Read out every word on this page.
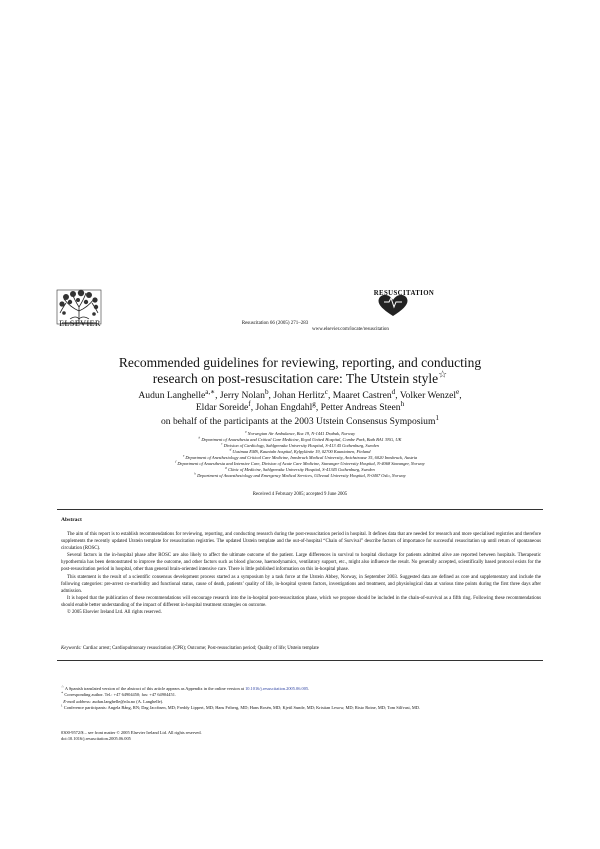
ELSEVIER	Resuscitation 66 (2005) 271–283
RESUSCITATION
www.elsevier.com/locate/resuscitation
Recommended guidelines for reviewing, reporting, and conducting
research on post-resuscitation care: The Utstein style☆
Audun Langhelle$^{a,∗}$, Jerry Nolan$^b$, Johan Herlitz$^c$, Maaret Castren$^d$, Volker Wenzel$^e$,
Eldar Soreide$^f$, Johan Engdahl$^g$, Petter Andreas Steen$^h$
on behalf of the participants at the 2003 Utstein Consensus Symposium$^1$
$^a$ Norwegian Air Ambulance, Box 19, N-1441 Drøbak, Norway
$^b$ Department of Anaesthesia and Critical Care Medicine, Royal United Hospital, Combe Park, Bath BA1 3NG, UK
$^c$ Division of Cardiology, Sahlgrenska University Hospital, S-413 45 Gothenburg, Sweden
$^d$ Uusimaa EMS, Kaunialn hospital, Kylpyläntie 19, 02700 Kauniainen, Finland
$^e$ Department of Anesthesiology and Critical Care Medicine, Innsbruck Medical University, Anichstrasse 35, 6020 Innsbruck, Austria
$^f$ Department of Anaesthesia and Intensive Care, Division of Acute Care Medicine, Stavanger University Hospital, N-4068 Stavanger, Norway
$^g$ Clinic of Medicine, Sahlgrenska University Hospital, S-41345 Gothenburg, Sweden
$^h$ Department of Anaesthesiology and Emergency Medical Services, Ullevaal University Hospital, N-0407 Oslo, Norway
Received 4 February 2005; accepted 9 June 2005
Abstract

The aim of this report is to establish recommendations for reviewing, reporting, and conducting research during the post-resuscitation period in hospital. It defines data that are needed for research and more specialised registries and therefore supplements the recently updated Utstein template for resuscitation registries. The updated Utstein template and the out-of-hospital “Chain of Survival” describe factors of importance for successful resuscitation up until return of spontaneous circulation (ROSC).

Several factors in the in-hospital phase after ROSC are also likely to affect the ultimate outcome of the patient. Large differences in survival to hospital discharge for patients admitted alive are reported between hospitals. Therapeutic hypothermia has been demonstrated to improve the outcome, and other factors such as blood glucose, haemodynamics, ventilatory support, etc., might also influence the result. No generally accepted, scientifically based protocol exists for the post-resuscitation period in hospital, other than general brain-oriented intensive care. There is little published information on this in-hospital phase.

This statement is the result of a scientific consensus development process started as a symposium by a task force at the Utstein Abbey, Norway, in September 2003. Suggested data are defined as core and supplementary and include the following categories: pre-arrest co-morbidity and functional status, cause of death, patients’ quality of life, in-hospital system factors, investigations and treatment, and physiological data at various time points during the first three days after admission.

It is hoped that the publication of these recommendations will encourage research into the in-hospital post-resuscitation phase, which we propose should be included in the chain-of-survival as a fifth ring. Following these recommendations should enable better understanding of the impact of different in-hospital treatment strategies on outcome.

© 2005 Elsevier Ireland Ltd. All rights reserved.

Keywords: Cardiac arrest; Cardiopulmonary resuscitation (CPR); Outcome; Post-resuscitation period; Quality of life; Utstein template
☆ A Spanish translated version of the abstract of this article appears as Appendix in the online version at 10.1016/j.resuscitation.2005.06.005.
∗ Corresponding author. Tel.: +47 64904450; fax: +47 64904451.
E-mail address: audun.langhelle@nla.no (A. Langhelle).
$^1$ Conference participants: Angela Bång, RN; Dag Jacobsen, MD; Freddy Lippert, MD; Hans Friberg, MD; Hans Rosén, MD; Kjetil Sunde, MD; Kristian Lexow, MD; Risto Roine, MD; Tom Silfvast, MD.
0300-9572/$ – see front matter © 2005 Elsevier Ireland Ltd. All rights reserved.
doi:10.1016/j.resuscitation.2005.06.005
